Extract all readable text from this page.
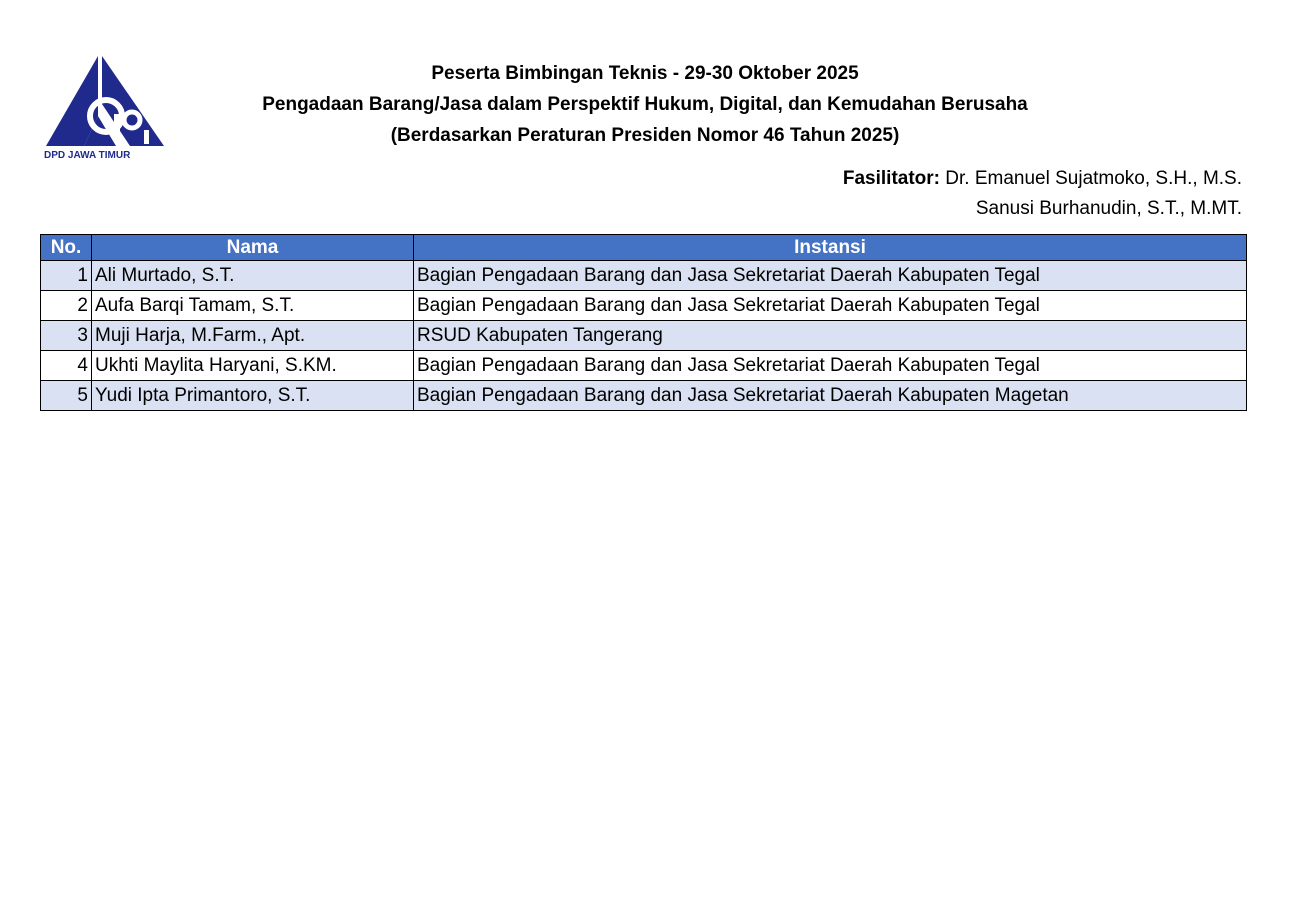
DPD JAWA TIMUR
Peserta Bimbingan Teknis - 29-30 Oktober 2025
Pengadaan Barang/Jasa dalam Perspektif Hukum, Digital, dan Kemudahan Berusaha
(Berdasarkan Peraturan Presiden Nomor 46 Tahun 2025)
Fasilitator: Dr. Emanuel Sujatmoko, S.H., M.S.
Sanusi Burhanudin, S.T., M.MT.
No.	Nama	Instansi
1	Ali Murtado, S.T.	Bagian Pengadaan Barang dan Jasa Sekretariat Daerah Kabupaten Tegal
2	Aufa Barqi Tamam, S.T.	Bagian Pengadaan Barang dan Jasa Sekretariat Daerah Kabupaten Tegal
3	Muji Harja, M.Farm., Apt.	RSUD Kabupaten Tangerang
4	Ukhti Maylita Haryani, S.KM.	Bagian Pengadaan Barang dan Jasa Sekretariat Daerah Kabupaten Tegal
5	Yudi Ipta Primantoro, S.T.	Bagian Pengadaan Barang dan Jasa Sekretariat Daerah Kabupaten Magetan
